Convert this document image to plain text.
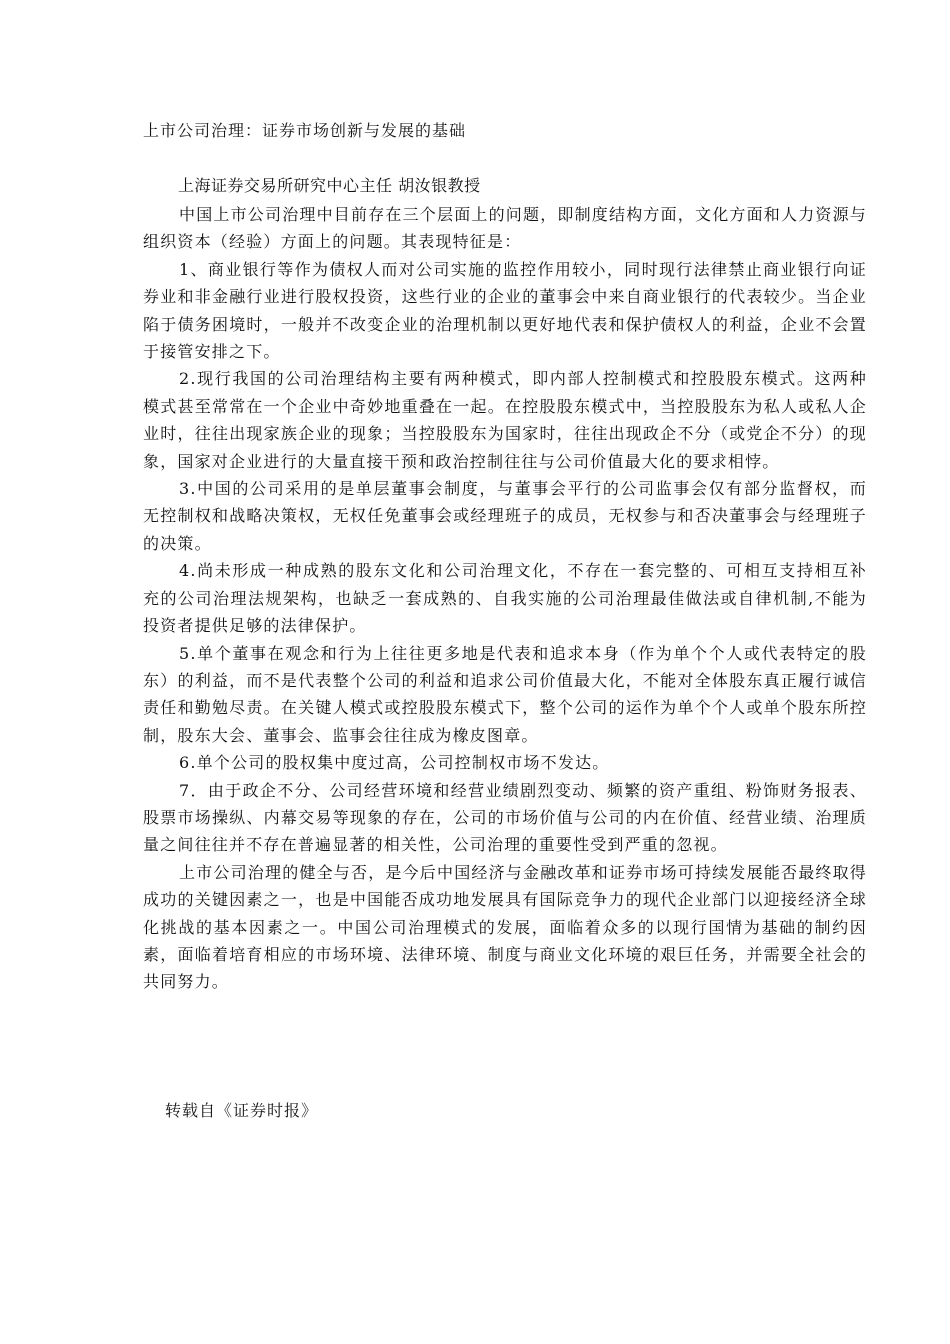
上市公司治理：证券市场创新与发展的基础
上海证券交易所研究中心主任 胡汝银教授

中国上市公司治理中目前存在三个层面上的问题，即制度结构方面，文化方面和人力资源与组织资本（经验）方面上的问题。其表现特征是：

1、商业银行等作为债权人而对公司实施的监控作用较小，同时现行法律禁止商业银行向证券业和非金融行业进行股权投资，这些行业的企业的董事会中来自商业银行的代表较少。当企业陷于债务困境时，一般并不改变企业的治理机制以更好地代表和保护债权人的利益，企业不会置于接管安排之下。

2.现行我国的公司治理结构主要有两种模式，即内部人控制模式和控股股东模式。这两种模式甚至常常在一个企业中奇妙地重叠在一起。在控股股东模式中，当控股股东为私人或私人企业时，往往出现家族企业的现象；当控股股东为国家时，往往出现政企不分（或党企不分）的现象，国家对企业进行的大量直接干预和政治控制往往与公司价值最大化的要求相悖。

3.中国的公司采用的是单层董事会制度，与董事会平行的公司监事会仅有部分监督权，而无控制权和战略决策权，无权任免董事会或经理班子的成员，无权参与和否决董事会与经理班子的决策。

4.尚未形成一种成熟的股东文化和公司治理文化，不存在一套完整的、可相互支持相互补充的公司治理法规架构，也缺乏一套成熟的、自我实施的公司治理最佳做法或自律机制,不能为投资者提供足够的法律保护。

5.单个董事在观念和行为上往往更多地是代表和追求本身（作为单个个人或代表特定的股东）的利益，而不是代表整个公司的利益和追求公司价值最大化，不能对全体股东真正履行诚信责任和勤勉尽责。在关键人模式或控股股东模式下，整个公司的运作为单个个人或单个股东所控制，股东大会、董事会、监事会往往成为橡皮图章。

6.单个公司的股权集中度过高，公司控制权市场不发达。

7．由于政企不分、公司经营环境和经营业绩剧烈变动、频繁的资产重组、粉饰财务报表、股票市场操纵、内幕交易等现象的存在，公司的市场价值与公司的内在价值、经营业绩、治理质量之间往往并不存在普遍显著的相关性，公司治理的重要性受到严重的忽视。

上市公司治理的健全与否，是今后中国经济与金融改革和证券市场可持续发展能否最终取得成功的关键因素之一，也是中国能否成功地发展具有国际竞争力的现代企业部门以迎接经济全球化挑战的基本因素之一。中国公司治理模式的发展，面临着众多的以现行国情为基础的制约因素，面临着培育相应的市场环境、法律环境、制度与商业文化环境的艰巨任务，并需要全社会的共同努力。

转载自《证券时报》
